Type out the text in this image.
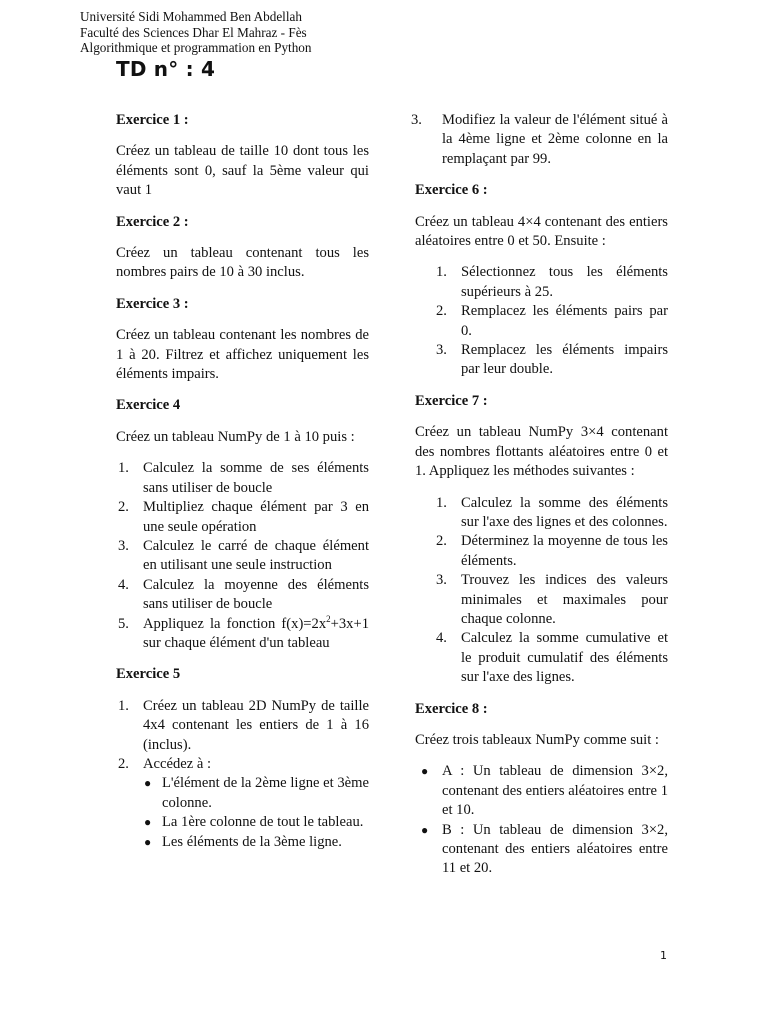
Université Sidi Mohammed Ben Abdellah
Faculté des Sciences Dhar El Mahraz - Fès
Algorithmique et programmation en Python
TD n° : 4
Exercice 1 :

Créez un tableau de taille 10 dont tous les éléments sont 0, sauf la 5ème valeur qui vaut 1

Exercice 2 :

Créez un tableau contenant tous les nombres pairs de 10 à 30 inclus.

Exercice 3 :

Créez un tableau contenant les nombres de 1 à 20. Filtrez et affichez uniquement les éléments impairs.

Exercice 4

Créez un tableau NumPy de 1 à 10 puis :

1. Calculez la somme de ses éléments sans utiliser de boucle
2. Multipliez chaque élément par 3 en une seule opération
3. Calculez le carré de chaque élément en utilisant une seule instruction
4. Calculez la moyenne des éléments sans utiliser de boucle
5. Appliquez la fonction $f(x)=2x^2+3x+1$ sur chaque élément d'un tableau
Exercice 5
1. Créez un tableau 2D NumPy de taille 4x4 contenant les entiers de 1 à 16 (inclus).
2. Accédez à :
● L'élément de la 2ème ligne et 3ème colonne.
● La 1ère colonne de tout le tableau.
● Les éléments de la 3ème ligne.
3. Modifiez la valeur de l'élément situé à la 4ème ligne et 2ème colonne en la remplaçant par 99.
Exercice 6 :

Créez un tableau 4×4 contenant des entiers aléatoires entre 0 et 50. Ensuite :

1. Sélectionnez tous les éléments supérieurs à 25.
2. Remplacez les éléments pairs par 0.
3. Remplacez les éléments impairs par leur double.
Exercice 7 :

Créez un tableau NumPy 3×4 contenant des nombres flottants aléatoires entre 0 et 1. Appliquez les méthodes suivantes :

1. Calculez la somme des éléments sur l'axe des lignes et des colonnes.
2. Déterminez la moyenne de tous les éléments.
3. Trouvez les indices des valeurs minimales et maximales pour chaque colonne.
4. Calculez la somme cumulative et le produit cumulatif des éléments sur l'axe des lignes.
Exercice 8 :

Créez trois tableaux NumPy comme suit :

● A : Un tableau de dimension 3×2, contenant des entiers aléatoires entre 1 et 10.
● B : Un tableau de dimension 3×2, contenant des entiers aléatoires entre 11 et 20.
1
